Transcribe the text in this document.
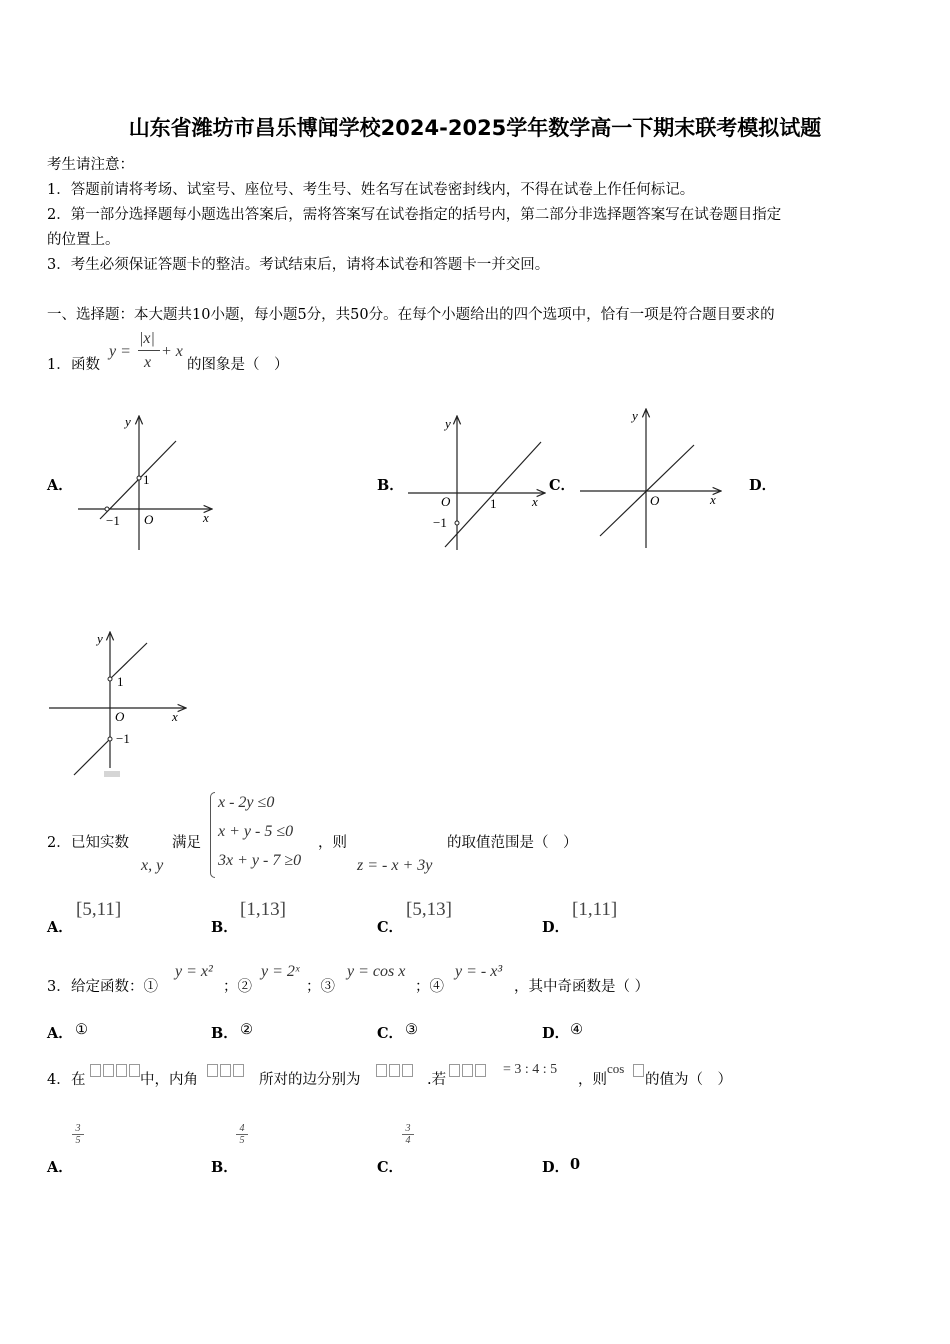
山东省潍坊市昌乐博闻学校2024-2025学年数学高一下期末联考模拟试题
考生请注意：
1．答题前请将考场、试室号、座位号、考生号、姓名写在试卷密封线内，不得在试卷上作任何标记。
2．第一部分选择题每小题选出答案后，需将答案写在试卷指定的括号内，第二部分非选择题答案写在试卷题目指定
的位置上。
3．考生必须保证答题卡的整洁。考试结束后，请将本试卷和答题卡一并交回。
一、选择题：本大题共10小题，每小题5分，共50分。在每个小题给出的四个选项中，恰有一项是符合题目要求的
1． 函数
y =
|x|
x
+ x
的图象是（　）
A．	B．	C．	D．
y
x
O
1
−1
y
x
O	1
−1
y
x
O
y
x
O
1
−1
2． 已知实数
x, y
满足
x - 2y ≤0
x + y - 5 ≤0
3x + y - 7 ≥0
，则
z = - x + 3y
的取值范围是（　）
A．
[5,11]
B．
[1,13]
C．
[5,13]
D．
[1,11]
3． 给定函数：①
y = x²
；②
y = 2ˣ
；③
y = cos x
；④
y = - x³
，其中奇函数是（ ）
A． ①	B． ②	C． ③	D． ④
4． 在	中，内角	所对的边分别为	.若
= 3 : 4 : 5
，则
cos
的值为（　）
A．
3
5
B．
4
5
C．
3
4
D． 0
